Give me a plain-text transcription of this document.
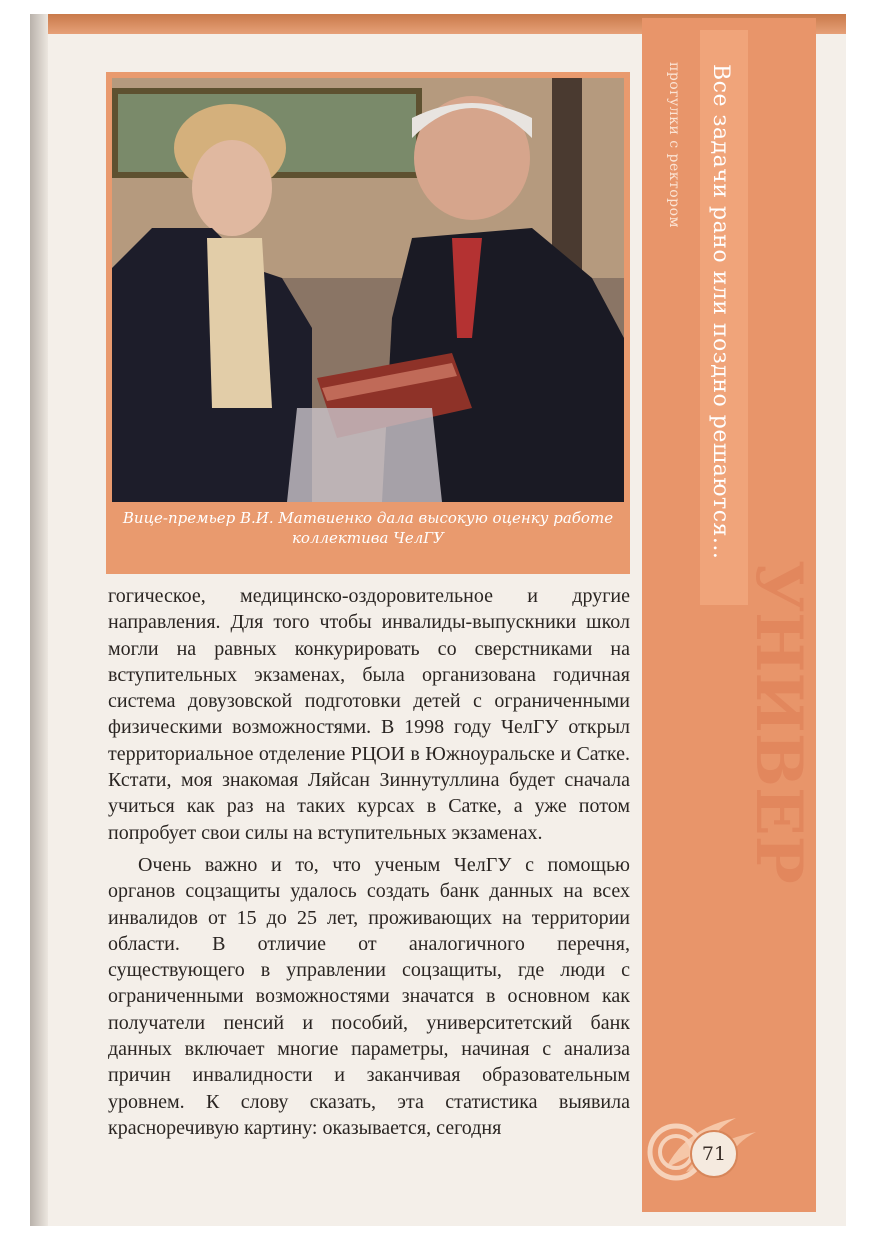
УНИВЕР
Все задачи рано или поздно решаются...
прогулки с ректором
Вице-премьер В.И. Матвиенко дала высокую оценку работе коллектива ЧелГУ

гогическое, медицинско-оздоровительное и другие направления. Для того чтобы инвалиды-выпускники школ могли на равных конкурировать со сверстниками на вступительных экзаменах, была организована годичная система довузовской подготовки детей с ограниченными физическими возможностями. В 1998 году ЧелГУ открыл территориальное отделение РЦОИ в Южноуральске и Сатке. Кстати, моя знакомая Ляйсан Зиннутуллина будет сначала учиться как раз на таких курсах в Сатке, а уже потом попробует свои силы на вступительных экзаменах.

Очень важно и то, что ученым ЧелГУ с помощью органов соцзащиты удалось создать банк данных на всех инвалидов от 15 до 25 лет, проживающих на территории области. В отличие от аналогичного перечня, существующего в управлении соцзащиты, где люди с ограниченными возможностями значатся в основном как получатели пенсий и пособий, университетский банк данных включает многие параметры, начиная с анализа причин инвалидности и заканчивая образовательным уровнем. К слову сказать, эта статистика выявила красноречивую картину: оказывается, сегодня

71
